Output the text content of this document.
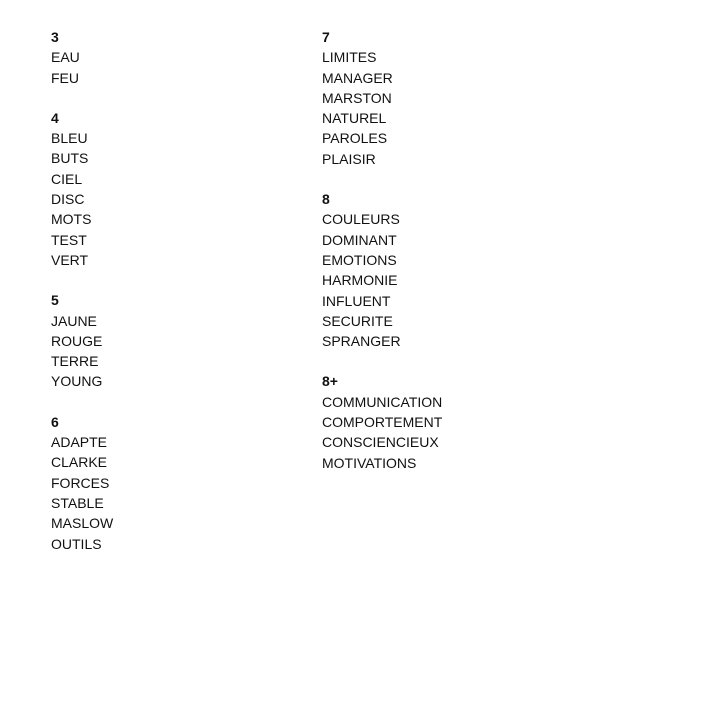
3
EAU
FEU
4
BLEU
BUTS
CIEL
DISC
MOTS
TEST
VERT
5
JAUNE
ROUGE
TERRE
YOUNG
6
ADAPTE
CLARKE
FORCES
STABLE
MASLOW
OUTILS
7
LIMITES
MANAGER
MARSTON
NATUREL
PAROLES
PLAISIR
8
COULEURS
DOMINANT
EMOTIONS
HARMONIE
INFLUENT
SECURITE
SPRANGER
8+
COMMUNICATION
COMPORTEMENT
CONSCIENCIEUX
MOTIVATIONS
